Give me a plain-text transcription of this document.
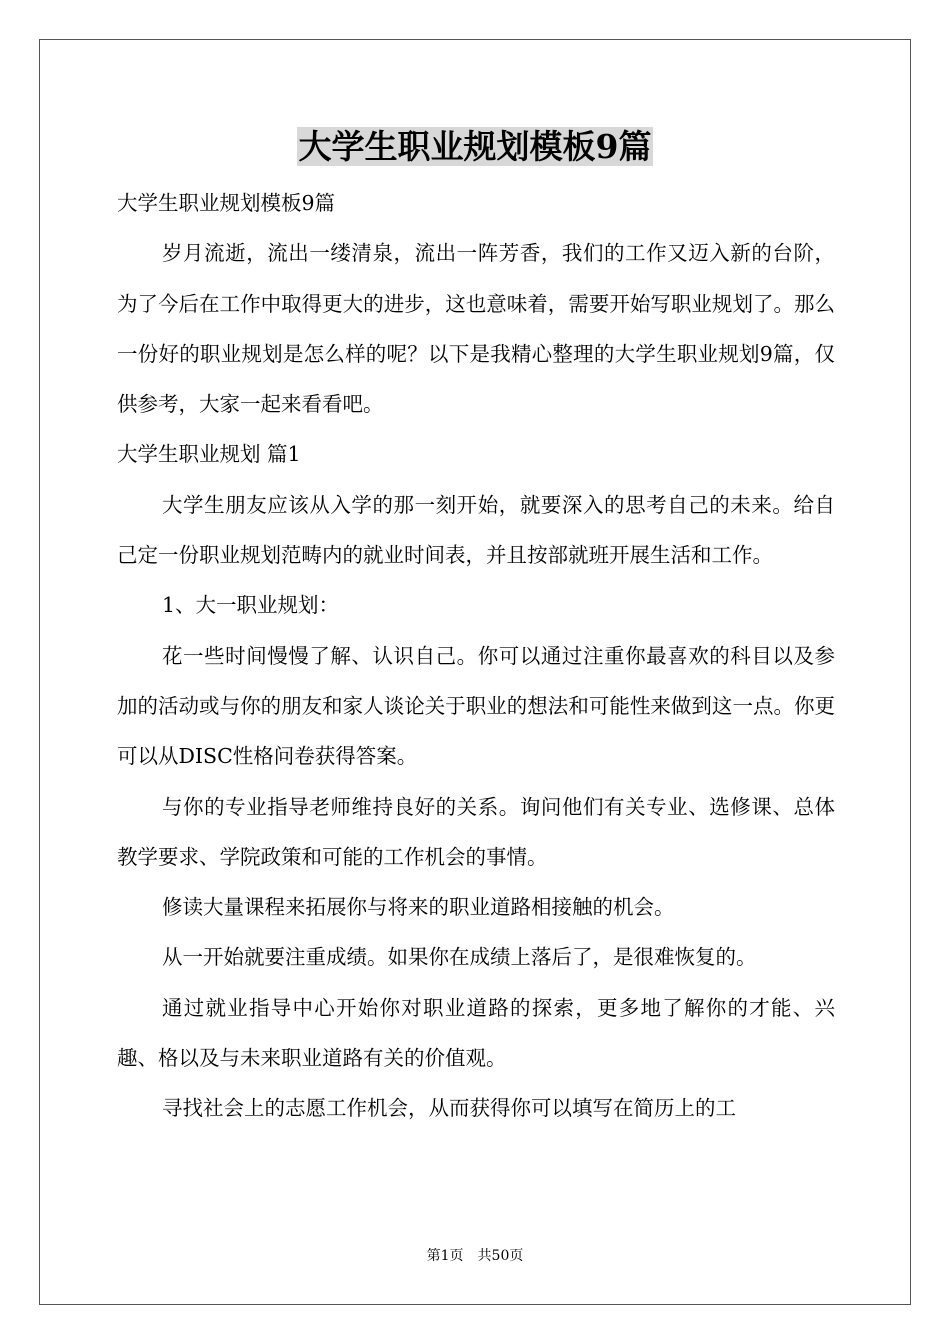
大学生职业规划模板9篇

大学生职业规划模板9篇

岁月流逝，流出一缕清泉，流出一阵芳香，我们的工作又迈入新的台阶，为了今后在工作中取得更大的进步，这也意味着，需要开始写职业规划了。那么一份好的职业规划是怎么样的呢？以下是我精心整理的大学生职业规划9篇，仅供参考，大家一起来看看吧。

大学生职业规划 篇1

大学生朋友应该从入学的那一刻开始，就要深入的思考自己的未来。给自己定一份职业规划范畴内的就业时间表，并且按部就班开展生活和工作。

1、大一职业规划：

花一些时间慢慢了解、认识自己。你可以通过注重你最喜欢的科目以及参加的活动或与你的朋友和家人谈论关于职业的想法和可能性来做到这一点。你更可以从DISC性格问卷获得答案。

与你的专业指导老师维持良好的关系。询问他们有关专业、选修课、总体教学要求、学院政策和可能的工作机会的事情。

修读大量课程来拓展你与将来的职业道路相接触的机会。

从一开始就要注重成绩。如果你在成绩上落后了，是很难恢复的。

通过就业指导中心开始你对职业道路的探索，更多地了解你的才能、兴趣、格以及与未来职业道路有关的价值观。

寻找社会上的志愿工作机会，从而获得你可以填写在简历上的工

第1页　共50页
